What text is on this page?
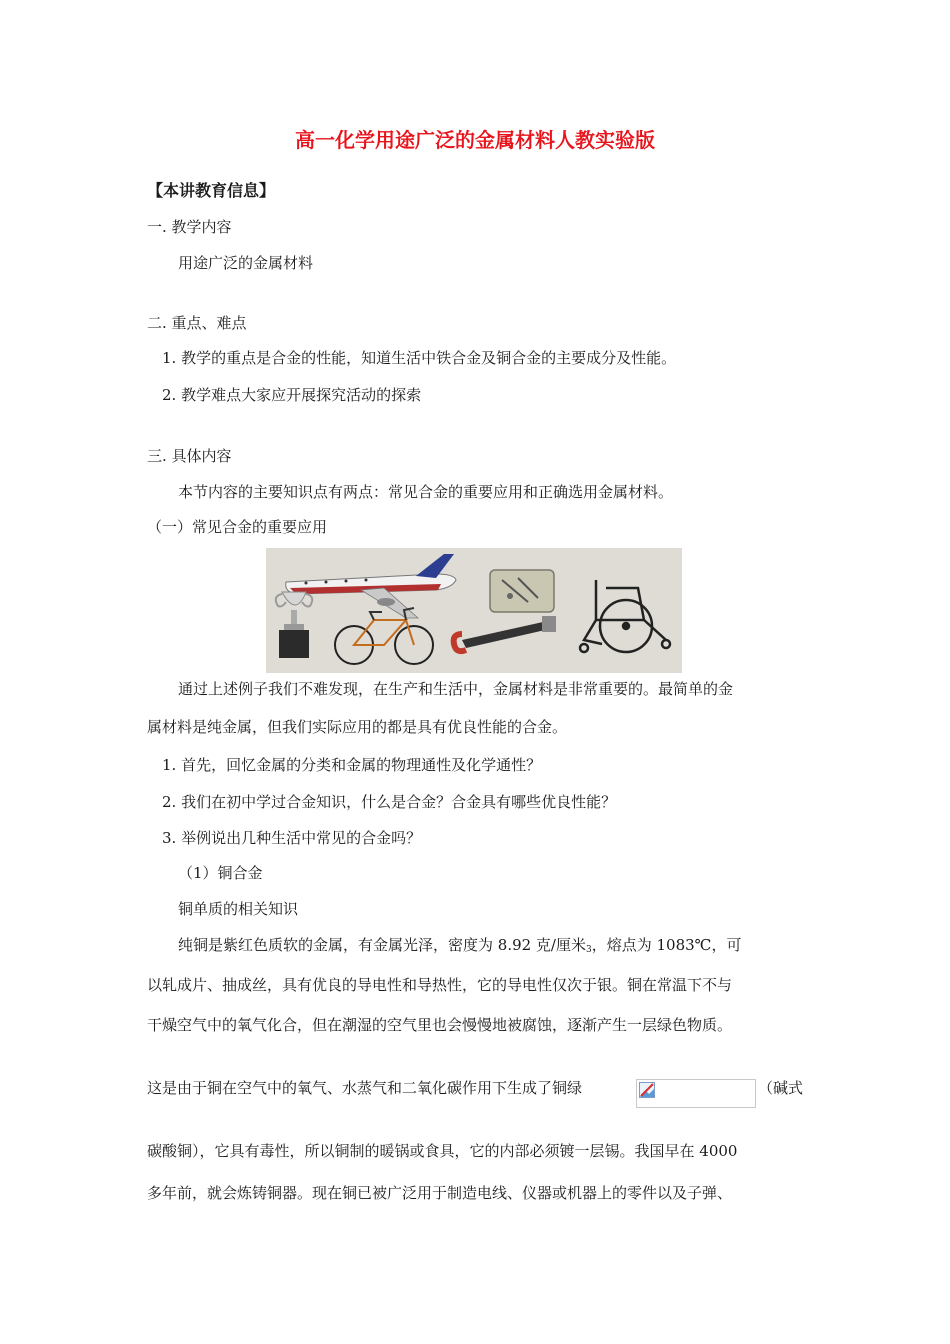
高一化学用途广泛的金属材料人教实验版
【本讲教育信息】
一. 教学内容
用途广泛的金属材料
二. 重点、难点
1. 教学的重点是合金的性能，知道生活中铁合金及铜合金的主要成分及性能。
2. 教学难点大家应开展探究活动的探索
三. 具体内容
本节内容的主要知识点有两点：常见合金的重要应用和正确选用金属材料。
（一）常见合金的重要应用
通过上述例子我们不难发现，在生产和生活中，金属材料是非常重要的。最简单的金
属材料是纯金属，但我们实际应用的都是具有优良性能的合金。
1. 首先，回忆金属的分类和金属的物理通性及化学通性？
2. 我们在初中学过合金知识，什么是合金？合金具有哪些优良性能？
3. 举例说出几种生活中常见的合金吗？
（1）铜合金
铜单质的相关知识
纯铜是紫红色质软的金属，有金属光泽，密度为 8.92 克/厘米$_3$，熔点为 1083℃，可
以轧成片、抽成丝，具有优良的导电性和导热性，它的导电性仅次于银。铜在常温下不与
干燥空气中的氧气化合，但在潮湿的空气里也会慢慢地被腐蚀，逐渐产生一层绿色物质。
这是由于铜在空气中的氧气、水蒸气和二氧化碳作用下生成了铜绿	（碱式
碳酸铜），它具有毒性，所以铜制的暖锅或食具，它的内部必须镀一层锡。我国早在 4000
多年前，就会炼铸铜器。现在铜已被广泛用于制造电线、仪器或机器上的零件以及子弹、
